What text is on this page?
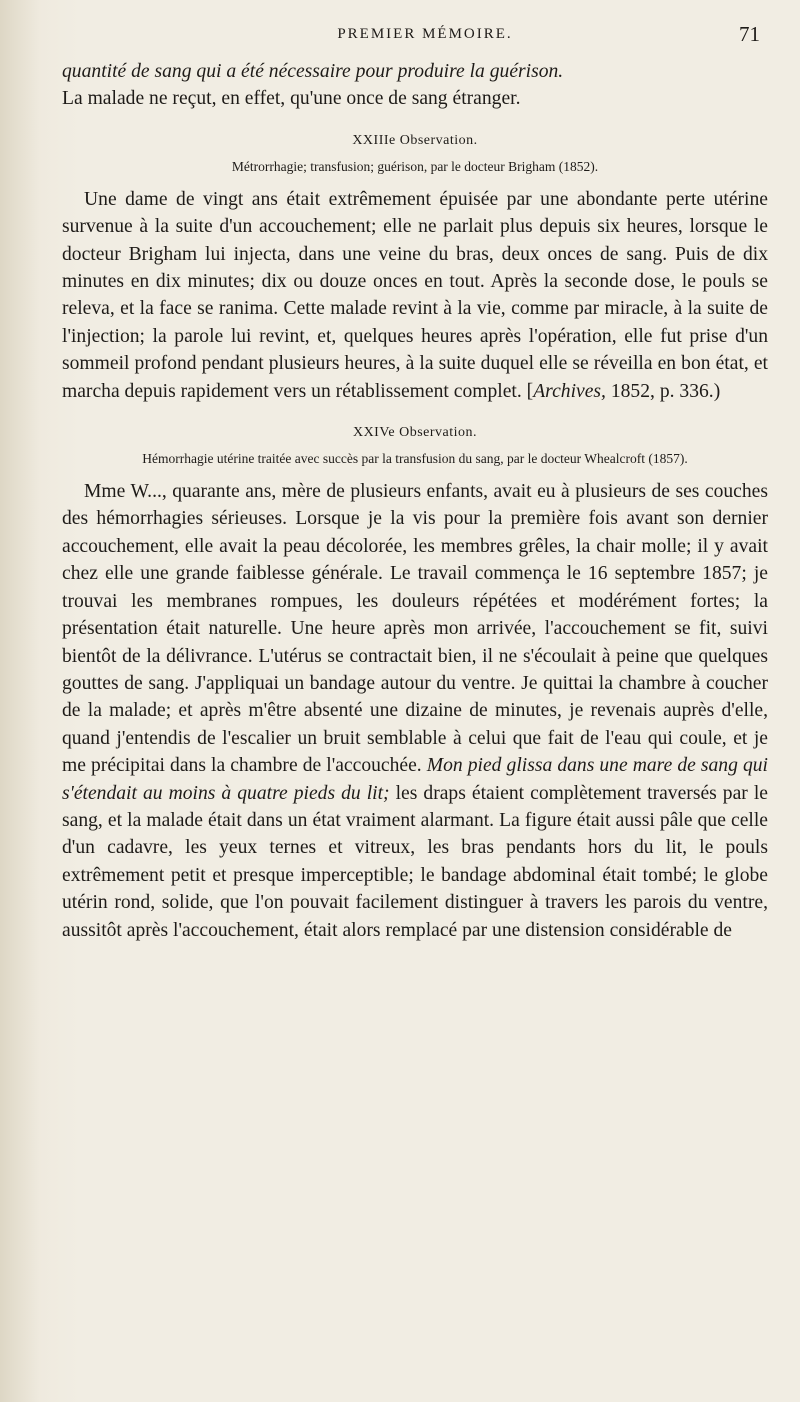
PREMIER MÉMOIRE.	71

quantité de sang qui a été nécessaire pour produire la guérison.
La malade ne reçut, en effet, qu'une once de sang étranger.

XXIIIe Observation.
Métrorrhagie; transfusion; guérison, par le docteur Brigham (1852).

Une dame de vingt ans était extrêmement épuisée par une abondante perte utérine survenue à la suite d'un accouchement; elle ne parlait plus depuis six heures, lorsque le docteur Brigham lui injecta, dans une veine du bras, deux onces de sang. Puis de dix minutes en dix minutes; dix ou douze onces en tout. Après la seconde dose, le pouls se releva, et la face se ranima. Cette malade revint à la vie, comme par miracle, à la suite de l'injection; la parole lui revint, et, quelques heures après l'opération, elle fut prise d'un sommeil profond pendant plusieurs heures, à la suite duquel elle se réveilla en bon état, et marcha depuis rapidement vers un rétablissement complet. [Archives, 1852, p. 336.)

XXIVe Observation.
Hémorrhagie utérine traitée avec succès par la transfusion du sang, par le docteur Whealcroft (1857).

Mme W..., quarante ans, mère de plusieurs enfants, avait eu à plusieurs de ses couches des hémorrhagies sérieuses. Lorsque je la vis pour la première fois avant son dernier accouchement, elle avait la peau décolorée, les membres grêles, la chair molle; il y avait chez elle une grande faiblesse générale. Le travail commença le 16 septembre 1857; je trouvai les membranes rompues, les douleurs répétées et modérément fortes; la présentation était naturelle. Une heure après mon arrivée, l'accouchement se fit, suivi bientôt de la délivrance. L'utérus se contractait bien, il ne s'écoulait à peine que quelques gouttes de sang. J'appliquai un bandage autour du ventre. Je quittai la chambre à coucher de la malade; et après m'être absenté une dizaine de minutes, je revenais auprès d'elle, quand j'entendis de l'escalier un bruit semblable à celui que fait de l'eau qui coule, et je me précipitai dans la chambre de l'accouchée. Mon pied glissa dans une mare de sang qui s'étendait au moins à quatre pieds du lit; les draps étaient complètement traversés par le sang, et la malade était dans un état vraiment alarmant. La figure était aussi pâle que celle d'un cadavre, les yeux ternes et vitreux, les bras pendants hors du lit, le pouls extrêmement petit et presque imperceptible; le bandage abdominal était tombé; le globe utérin rond, solide, que l'on pouvait facilement distinguer à travers les parois du ventre, aussitôt après l'accouchement, était alors remplacé par une distension considérable de
